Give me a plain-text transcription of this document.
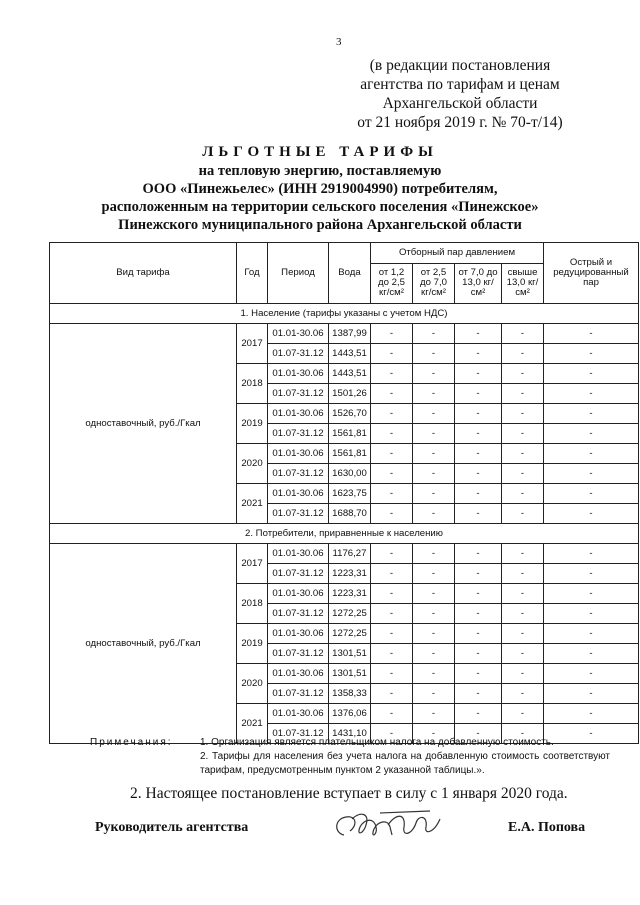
3
(в редакции постановления
агентства по тарифам и ценам
Архангельской области
от 21 ноября 2019 г. № 70-т/14)
ЛЬГОТНЫЕ ТАРИФЫ
на тепловую энергию, поставляемую
ООО «Пинежьелес» (ИНН 2919004990) потребителям,
расположенным на территории сельского поселения «Пинежское»
Пинежского муниципального района Архангельской области
Вид тарифа	Год	Период	Вода	Отборный пар давлением				Острый и редуцированный пар
				от 1,2 до 2,5 кг/см²	от 2,5 до 7,0 кг/см²	от 7,0 до 13,0 кг/см²	свыше 13,0 кг/см²	
1. Население (тарифы указаны с учетом НДС)								
одноставочный, руб./Гкал	2017	01.01-30.06	1387,99	-	-	-	-	-
		01.07-31.12	1443,51	-	-	-	-	-
	2018	01.01-30.06	1443,51	-	-	-	-	-
		01.07-31.12	1501,26	-	-	-	-	-
	2019	01.01-30.06	1526,70	-	-	-	-	-
		01.07-31.12	1561,81	-	-	-	-	-
	2020	01.01-30.06	1561,81	-	-	-	-	-
		01.07-31.12	1630,00	-	-	-	-	-
	2021	01.01-30.06	1623,75	-	-	-	-	-
		01.07-31.12	1688,70	-	-	-	-	-
2. Потребители, приравненные к населению								
одноставочный, руб./Гкал	2017	01.01-30.06	1176,27	-	-	-	-	-
		01.07-31.12	1223,31	-	-	-	-	-
	2018	01.01-30.06	1223,31	-	-	-	-	-
		01.07-31.12	1272,25	-	-	-	-	-
	2019	01.01-30.06	1272,25	-	-	-	-	-
		01.07-31.12	1301,51	-	-	-	-	-
	2020	01.01-30.06	1301,51	-	-	-	-	-
		01.07-31.12	1358,33	-	-	-	-	-
	2021	01.01-30.06	1376,06	-	-	-	-	-
		01.07-31.12	1431,10	-	-	-	-	-
Примечания:	1. Организация является плательщиком налога на добавленную стоимость.
2. Тарифы для населения без учета налога на добавленную стоимость соответствуют тарифам, предусмотренным пунктом 2 указанной таблицы.».
2. Настоящее постановление вступает в силу с 1 января 2020 года.
Руководитель агентства	Е.А. Попова
